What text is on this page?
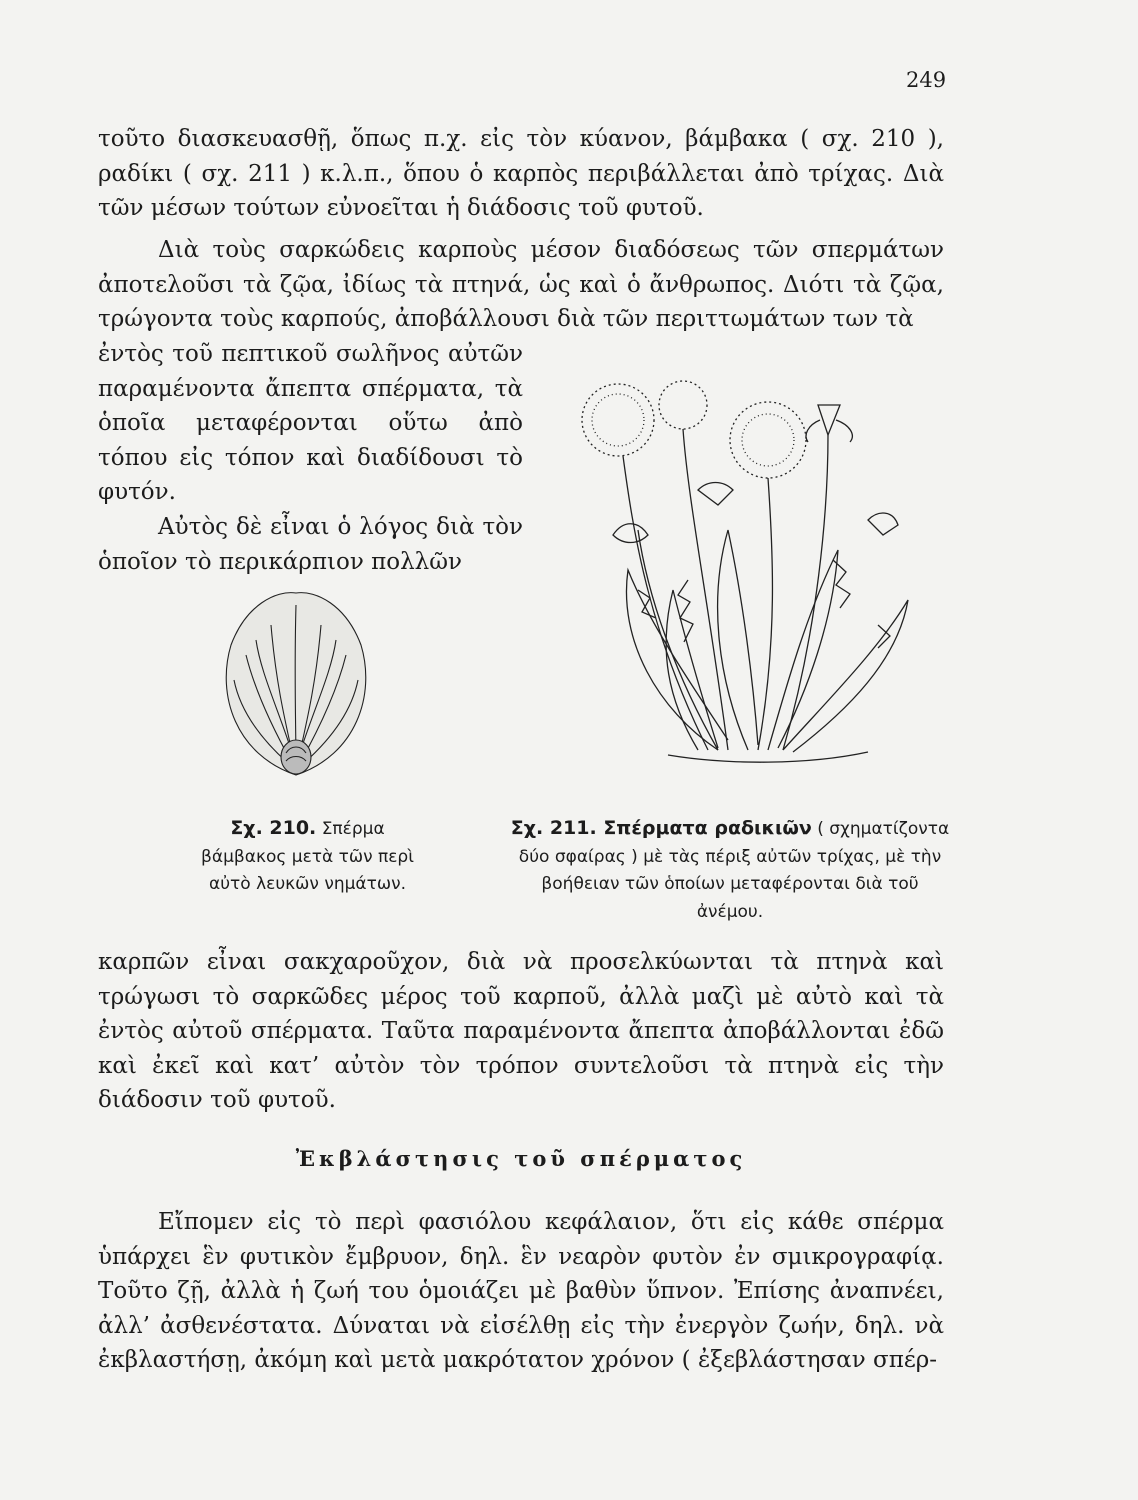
249

τοῦτο διασκευασθῇ, ὅπως π.χ. εἰς τὸν κύανον, βάμβακα ( σχ. 210 ), ραδίκι ( σχ. 211 ) κ.λ.π., ὅπου ὁ καρπὸς περιβάλλεται ἀπὸ τρίχας. Διὰ τῶν μέσων τούτων εὐνοεῖται ἡ διάδοσις τοῦ φυτοῦ.

Διὰ τοὺς σαρκώδεις καρποὺς μέσον διαδόσεως τῶν σπερμάτων ἀποτελοῦσι τὰ ζῷα, ἰδίως τὰ πτηνά, ὡς καὶ ὁ ἄνθρωπος. Διότι τὰ ζῷα, τρώγοντα τοὺς καρπούς, ἀποβάλλουσι διὰ τῶν περιττωμάτων των τὰ

ἐντὸς τοῦ πεπτικοῦ σωλῆνος αὐτῶν παραμένοντα ἄπεπτα σπέρματα, τὰ ὁποῖα μεταφέρονται οὕτω ἀπὸ τόπου εἰς τόπον καὶ διαδίδουσι τὸ φυτόν.

Αὐτὸς δὲ εἶναι ὁ λόγος διὰ τὸν ὁποῖον τὸ περικάρπιον πολλῶν

Σχ. 210. Σπέρμα βάμβακος μετὰ τῶν περὶ αὐτὸ λευκῶν νημάτων.

Σχ. 211. Σπέρματα ραδικιῶν ( σχηματίζοντα δύο σφαίρας ) μὲ τὰς πέριξ αὐτῶν τρίχας, μὲ τὴν βοήθειαν τῶν ὁποίων μεταφέρονται διὰ τοῦ ἀνέμου.

καρπῶν εἶναι σακχαροῦχον, διὰ νὰ προσελκύωνται τὰ πτηνὰ καὶ τρώγωσι τὸ σαρκῶδες μέρος τοῦ καρποῦ, ἀλλὰ μαζὶ μὲ αὐτὸ καὶ τὰ ἐντὸς αὐτοῦ σπέρματα. Ταῦτα παραμένοντα ἄπεπτα ἀποβάλλονται ἐδῶ καὶ ἐκεῖ καὶ κατ’ αὐτὸν τὸν τρόπον συντελοῦσι τὰ πτηνὰ εἰς τὴν διάδοσιν τοῦ φυτοῦ.

Ἐκβλάστησις τοῦ σπέρματος

Εἴπομεν εἰς τὸ περὶ φασιόλου κεφάλαιον, ὅτι εἰς κάθε σπέρμα ὑπάρχει ἓν φυτικὸν ἔμβρυον, δηλ. ἓν νεαρὸν φυτὸν ἐν σμικρογραφίᾳ. Τοῦτο ζῇ, ἀλλὰ ἡ ζωή του ὁμοιάζει μὲ βαθὺν ὕπνον. Ἐπίσης ἀναπνέει, ἀλλ’ ἀσθενέστατα. Δύναται νὰ εἰσέλθῃ εἰς τὴν ἐνεργὸν ζωήν, δηλ. νὰ ἐκβλαστήσῃ, ἀκόμη καὶ μετὰ μακρότατον χρόνον ( ἐξεβλάστησαν σπέρ-
